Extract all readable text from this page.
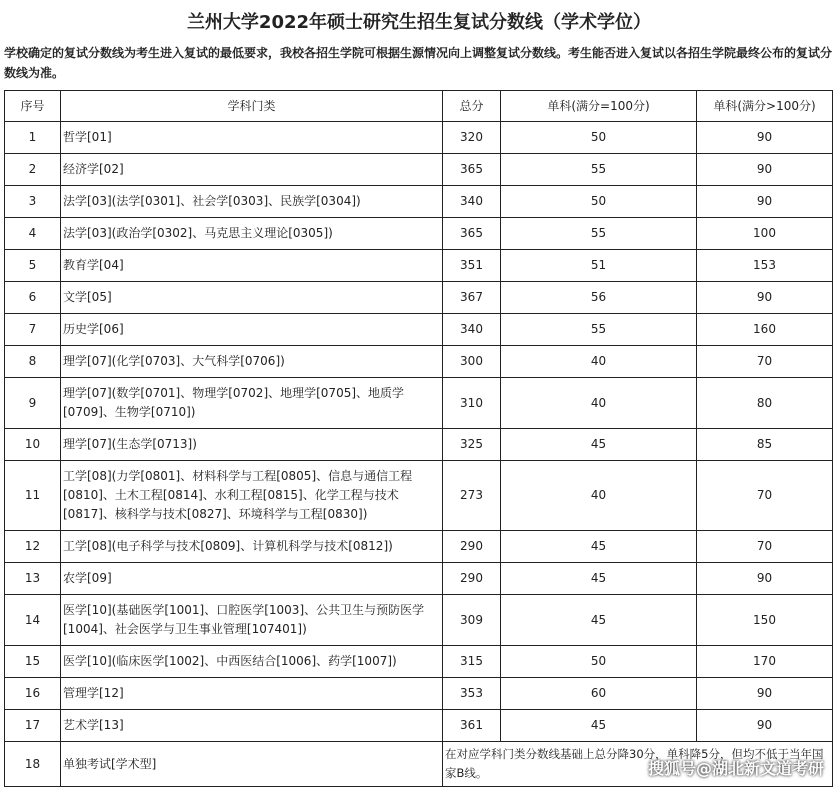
兰州大学2022年硕士研究生招生复试分数线（学术学位）
学校确定的复试分数线为考生进入复试的最低要求，我校各招生学院可根据生源情况向上调整复试分数线。考生能否进入复试以各招生学院最终公布的复试分数线为准。
序号	学科门类	总分	单科(满分=100分)	单科(满分>100分)
1	哲学[01]	320	50	90
2	经济学[02]	365	55	90
3	法学[03](法学[0301]、社会学[0303]、民族学[0304])	340	50	90
4	法学[03](政治学[0302]、马克思主义理论[0305])	365	55	100
5	教育学[04]	351	51	153
6	文学[05]	367	56	90
7	历史学[06]	340	55	160
8	理学[07](化学[0703]、大气科学[0706])	300	40	70
9	理学[07](数学[0701]、物理学[0702]、地理学[0705]、地质学[0709]、生物学[0710])	310	40	80
10	理学[07](生态学[0713])	325	45	85
11	工学[08](力学[0801]、材料科学与工程[0805]、信息与通信工程[0810]、土木工程[0814]、水利工程[0815]、化学工程与技术[0817]、核科学与技术[0827]、环境科学与工程[0830])	273	40	70
12	工学[08](电子科学与技术[0809]、计算机科学与技术[0812])	290	45	70
13	农学[09]	290	45	90
14	医学[10](基础医学[1001]、口腔医学[1003]、公共卫生与预防医学[1004]、社会医学与卫生事业管理[107401])	309	45	150
15	医学[10](临床医学[1002]、中西医结合[1006]、药学[1007])	315	50	170
16	管理学[12]	353	60	90
17	艺术学[13]	361	45	90
18	单独考试[学术型]	在对应学科门类分数线基础上总分降30分，单科降5分，但均不低于当年国家B线。			搜狐号@湖北新文道考研
